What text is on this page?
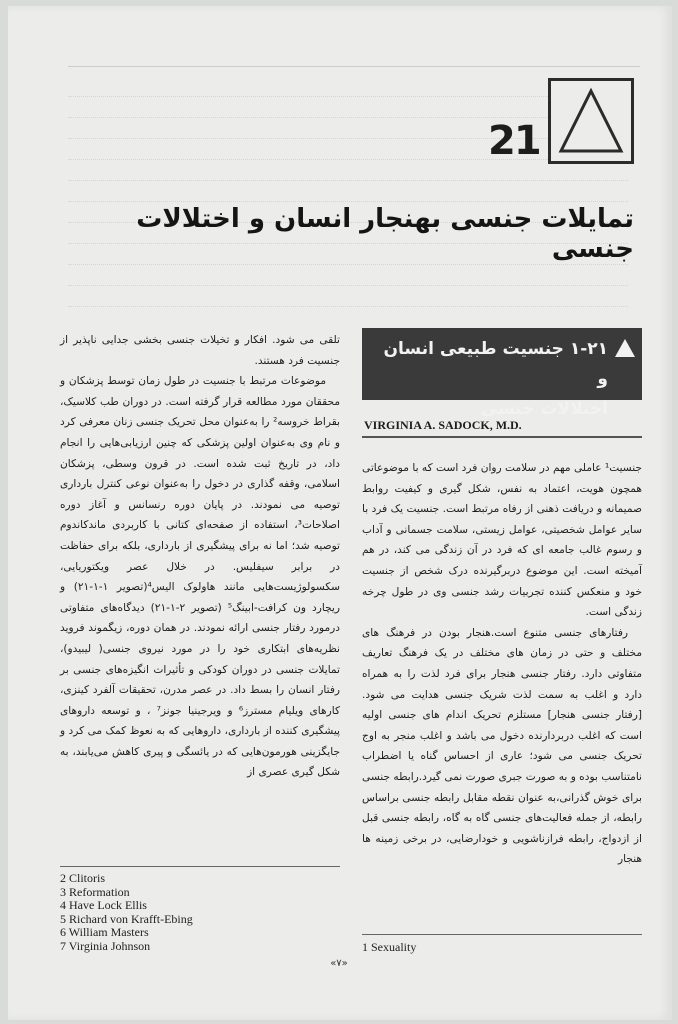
21
تمایلات جنسی بهنجار انسان و اختلالات جنسی
۱-۲۱ جنسیت طبیعی انسان و
اختلالات جنسی
VIRGINIA A. SADOCK, M.D.

جنسیت¹ عاملی مهم در سلامت روان فرد است که با موضوعاتی همچون هویت، اعتماد به نفس، شکل گیری و کیفیت روابط صمیمانه و دریافت ذهنی از رفاه مرتبط است. جنسیت یک فرد با سایر عوامل شخصیتی، عوامل زیستی، سلامت جسمانی و آداب و رسوم غالب جامعه ای که فرد در آن زندگی می کند، در هم آمیخته است. این موضوع دربرگیرنده درک شخص از جنسیت خود و منعکس کننده تجربیات رشد جنسی وی در طول چرخه زندگی است.

رفتارهای جنسی متنوع است.هنجار بودن در فرهنگ های مختلف و حتی در زمان های مختلف در یک فرهنگ تعاریف متفاوتی دارد. رفتار جنسی هنجار برای فرد لذت را به همراه دارد و اغلب به سمت لذت شریک جنسی هدایت می شود. [رفتار جنسی هنجار] مستلزم تحریک اندام های جنسی اولیه است که اغلب دربردارنده دخول می باشد و اغلب منجر به اوج تحریک جنسی می شود؛ عاری از احساس گناه یا اضطراب نامتناسب بوده و به صورت جبری صورت نمی گیرد.رابطه جنسی برای خوش گذرانی،به عنوان نقطه مقابل رابطه جنسی براساس رابطه، از جمله فعالیت‌های جنسی گاه به گاه، رابطه جنسی قبل از ازدواج، رابطه فرازناشویی و خودارضایی، در برخی زمینه ها هنجار

تلقی می شود. افکار و تخیلات جنسی بخشی جدایی ناپذیر از جنسیت فرد هستند.

موضوعات مرتبط با جنسیت در طول زمان توسط پزشکان و محققان مورد مطالعه قرار گرفته است. در دوران طب کلاسیک، بقراط خروسه² را به‌عنوان محل تحریک جنسی زنان معرفی کرد و نام وی به‌عنوان اولین پزشکی که چنین ارزیابی‌هایی را انجام داد، در تاریخ ثبت شده است. در قرون وسطی، پزشکان اسلامی، وقفه گذاری در دخول را به‌عنوان نوعی کنترل بارداری توصیه می نمودند. در پایان دوره رنسانس و آغاز دوره اصلاحات³، استفاده از صفحه‌ای کتانی با کاربردی ماندکاندوم توصیه شد؛ اما نه برای پیشگیری از بارداری، بلکه برای حفاظت در برابر سیفلیس. در خلال عصر ویکتوریایی، سکسولوژیست‌هایی مانند هاولوک الیس⁴(تصویر ۱-۱-۲۱) و ریچارد ون کرافت-ابینگ⁵ (تصویر ۲-۱-۲۱) دیدگاه‌های متفاوتی درمورد رفتار جنسی ارائه نمودند. در همان دوره، زیگموند فروید نظریه‌های ابتکاری خود را در مورد نیروی جنسی( لیبیدو)، تمایلات جنسی در دوران کودکی و تأثیرات انگیزه‌های جنسی بر رفتار انسان را بسط داد. در عصر مدرن، تحقیقات آلفرد کینزی، کارهای ویلیام مسترز⁶ و ویرجینیا جونز⁷ ، و توسعه داروهای پیشگیری کننده از بارداری، داروهایی که به نعوظ کمک می کرد و جایگزینی هورمون‌هایی که در یائسگی و پیری کاهش می‌یابند، به شکل گیری عصری از

2 Clitoris
3 Reformation
4 Have Lock Ellis
5 Richard von Krafft-Ebing
6 William Masters
7 Virginia Johnson	1 Sexuality
«۷»
